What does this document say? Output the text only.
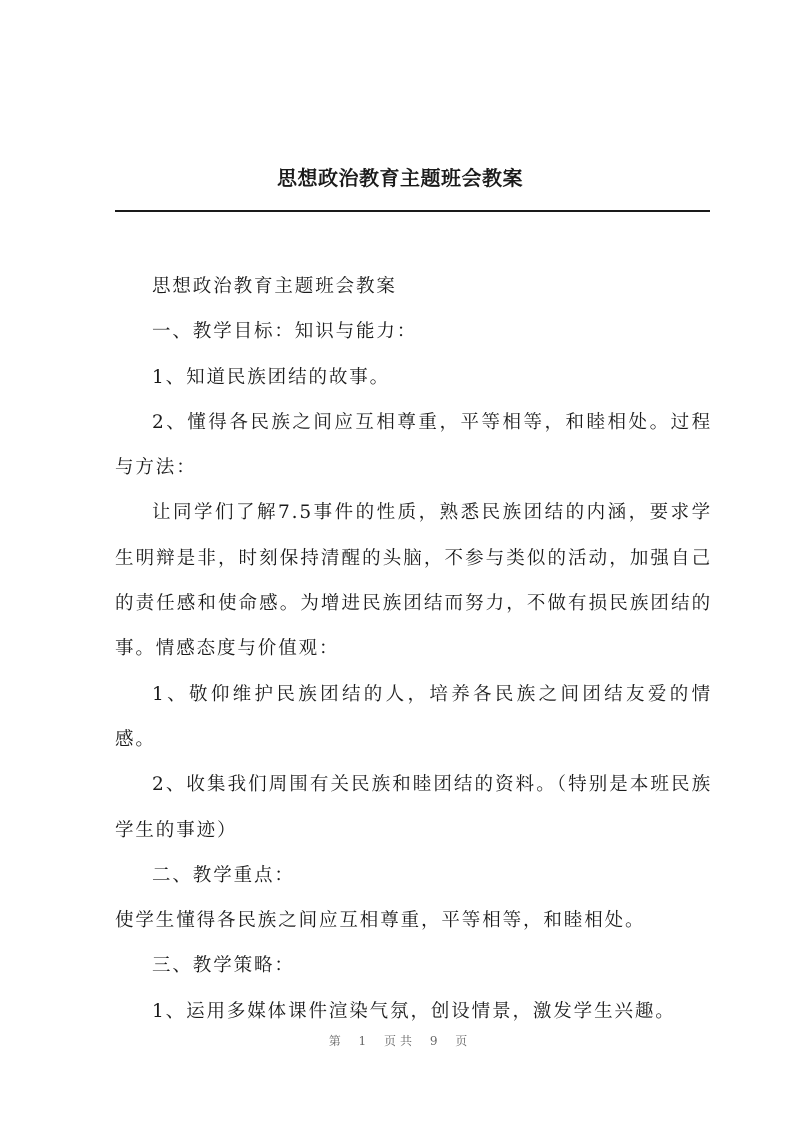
思想政治教育主题班会教案

思想政治教育主题班会教案

一、教学目标：知识与能力：

1、知道民族团结的故事。

2、懂得各民族之间应互相尊重，平等相等，和睦相处。过程与方法：

让同学们了解7.5事件的性质，熟悉民族团结的内涵，要求学生明辩是非，时刻保持清醒的头脑，不参与类似的活动，加强自己的责任感和使命感。为增进民族团结而努力，不做有损民族团结的事。情感态度与价值观：

1、敬仰维护民族团结的人，培养各民族之间团结友爱的情感。

2、收集我们周围有关民族和睦团结的资料。（特别是本班民族学生的事迹）

二、教学重点：

使学生懂得各民族之间应互相尊重，平等相等，和睦相处。

三、教学策略：

1、运用多媒体课件渲染气氛，创设情景，激发学生兴趣。

第 1 页共 9 页
